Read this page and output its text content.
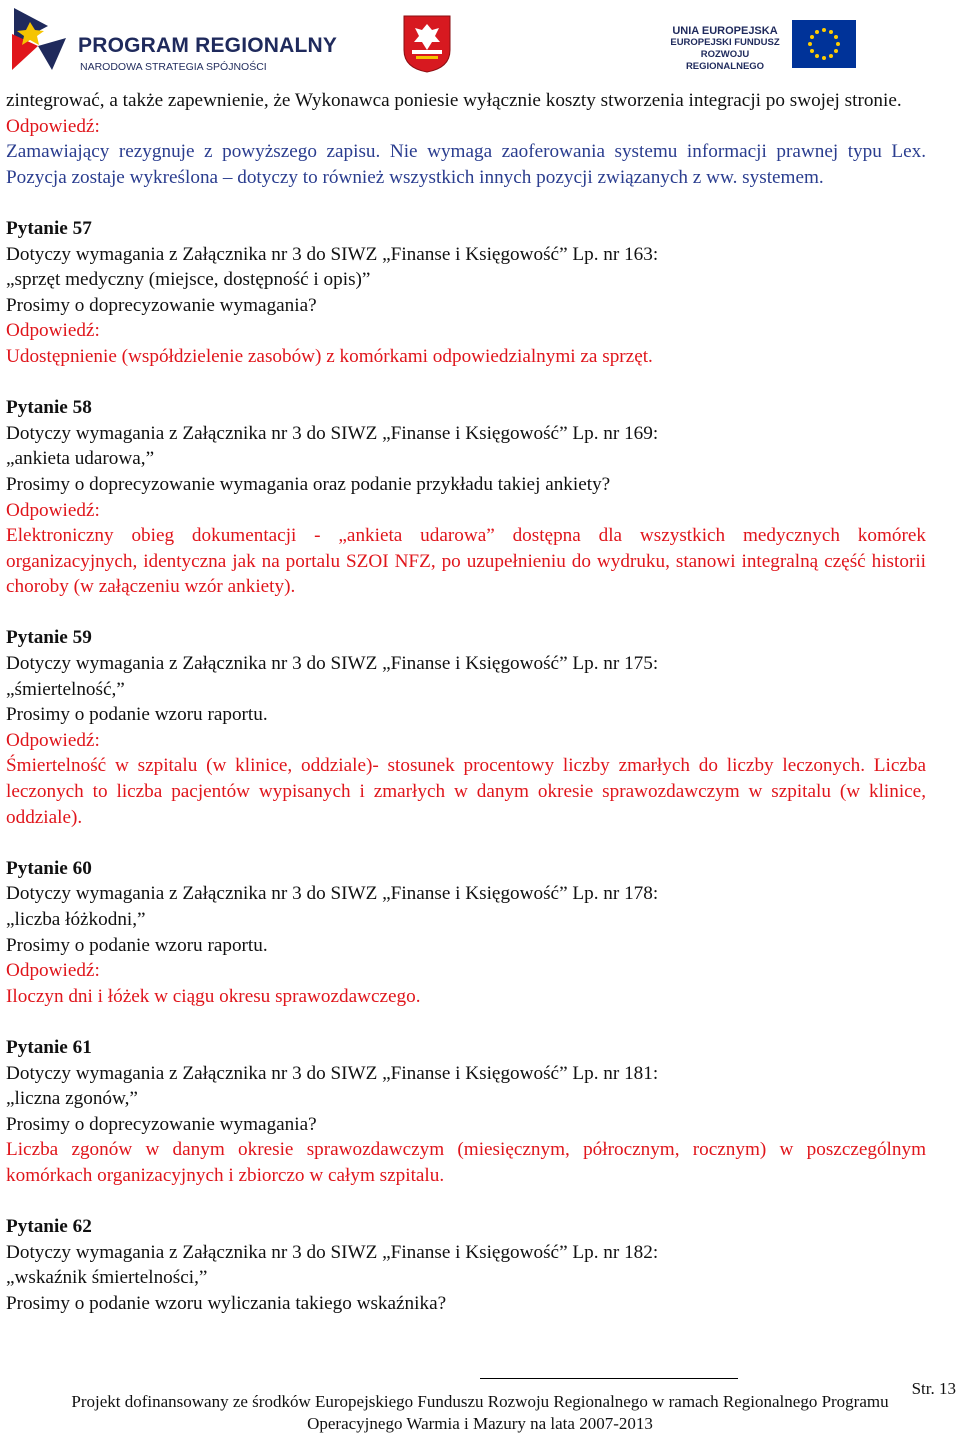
PROGRAM REGIONALNY
NARODOWA STRATEGIA SPÓJNOŚCI
UNIA EUROPEJSKA
EUROPEJSKI FUNDUSZ
ROZWOJU REGIONALNEGO

zintegrować, a także zapewnienie, że Wykonawca poniesie wyłącznie koszty stworzenia integracji po swojej stronie.

Odpowiedź:

Zamawiający rezygnuje z powyższego zapisu. Nie wymaga zaoferowania systemu informacji prawnej typu Lex. Pozycja zostaje wykreślona – dotyczy to również wszystkich innych pozycji związanych z ww. systemem.

Pytanie 57

Dotyczy wymagania z Załącznika nr 3 do SIWZ „Finanse i Księgowość” Lp. nr 163:

„sprzęt medyczny (miejsce, dostępność i opis)”

Prosimy o doprecyzowanie wymagania?

Odpowiedź:

Udostępnienie (współdzielenie zasobów) z komórkami odpowiedzialnymi za sprzęt.

Pytanie 58

Dotyczy wymagania z Załącznika nr 3 do SIWZ „Finanse i Księgowość” Lp. nr 169:

„ankieta udarowa,”

Prosimy o doprecyzowanie wymagania oraz podanie przykładu takiej ankiety?

Odpowiedź:

Elektroniczny obieg dokumentacji - „ankieta udarowa” dostępna dla wszystkich medycznych komórek organizacyjnych, identyczna jak na portalu SZOI NFZ, po uzupełnieniu do wydruku, stanowi integralną część historii choroby (w załączeniu wzór ankiety).

Pytanie 59

Dotyczy wymagania z Załącznika nr 3 do SIWZ „Finanse i Księgowość” Lp. nr 175:

„śmiertelność,”

Prosimy o podanie wzoru raportu.

Odpowiedź:

Śmiertelność w szpitalu (w klinice, oddziale)- stosunek procentowy liczby zmarłych do liczby leczonych. Liczba leczonych to liczba pacjentów wypisanych i zmarłych w danym okresie sprawozdawczym w szpitalu (w klinice, oddziale).

Pytanie 60

Dotyczy wymagania z Załącznika nr 3 do SIWZ „Finanse i Księgowość” Lp. nr 178:

„liczba łóżkodni,”

Prosimy o podanie wzoru raportu.

Odpowiedź:

Iloczyn dni i łóżek w ciągu okresu sprawozdawczego.

Pytanie 61

Dotyczy wymagania z Załącznika nr 3 do SIWZ „Finanse i Księgowość” Lp. nr 181:

„liczna zgonów,”

Prosimy o doprecyzowanie wymagania?

Liczba zgonów w danym okresie sprawozdawczym (miesięcznym, półrocznym, rocznym) w poszczególnym komórkach organizacyjnych i zbiorczo w całym szpitalu.

Pytanie 62

Dotyczy wymagania z Załącznika nr 3 do SIWZ „Finanse i Księgowość” Lp. nr 182:

„wskaźnik śmiertelności,”

Prosimy o podanie wzoru wyliczania takiego wskaźnika?

Projekt dofinansowany ze środków Europejskiego Funduszu Rozwoju Regionalnego w ramach Regionalnego Programu
Operacyjnego Warmia i Mazury na lata 2007-2013
Str. 13
